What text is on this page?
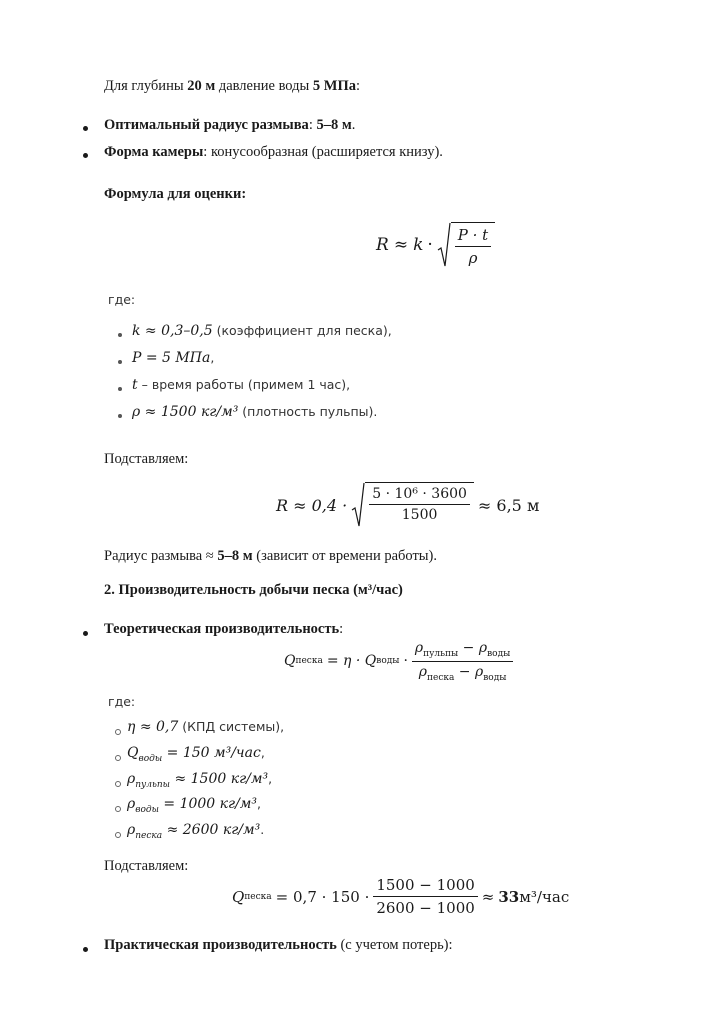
Для глубины 20 м давление воды 5 МПа:
Оптимальный радиус размыва: 5–8 м.
Форма камеры: конусообразная (расширяется книзу).
Формула для оценки:
$R \approx k \cdot \frac{P \cdot t}{\rho}$
где:
k ≈ 0,3–0,5 (коэффициент для песка),
P = 5 МПа,
t – время работы (примем 1 час),
ρ ≈ 1500 кг/м³ (плотность пульпы).
Подставляем:
$R \approx 0,4 \cdot \frac{\text{5 · 10⁶ · 3600}}{1500} \approx 6,5$ м
Радиус размыва ≈ 5–8 м (зависит от времени работы).
2. Производительность добычи песка (м³/час)
Теоретическая производительность:
Q песка = η · Q воды · $\frac{\rho_{пульпы} - \rho_{воды}}{\rho_{песка} - \rho_{воды}}$
где:
η ≈ 0,7 (КПД системы),
$Q_{воды} = 150$ м³/час,
$\rho_{пульпы} \approx 1500$ кг/м³,
$\rho_{воды} = 1000$ кг/м³,
$\rho_{песка} \approx 2600$ кг/м³.
Подставляем:
Q песка = $0,7 \cdot 150 \cdot \frac{1500 - 1000}{2600 - 1000} \approx 33$ м³/час
Практическая производительность (с учетом потерь):
